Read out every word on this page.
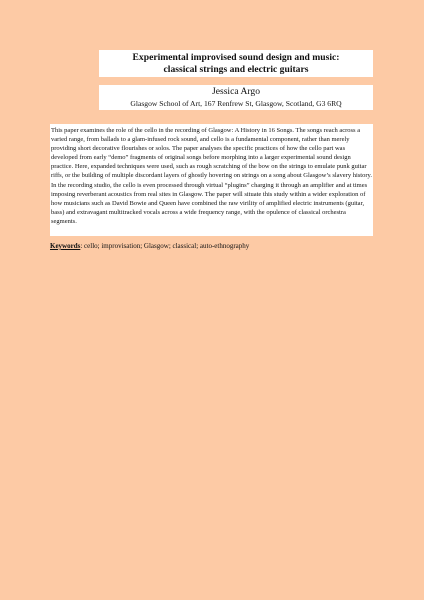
Experimental improvised sound design and music:
classical strings and electric guitars
Jessica Argo
Glasgow School of Art, 167 Renfrew St, Glasgow, Scotland, G3 6RQ
This paper examines the role of the cello in the recording of Glasgow: A History in 16 Songs. The songs reach across a varied range, from ballads to a glam-infused rock sound, and cello is a fundamental component, rather than merely providing short decorative flourishes or solos. The paper analyses the specific practices of how the cello part was developed from early “demo” fragments of original songs before morphing into a larger experimental sound design practice. Here, expanded techniques were used, such as rough scratching of the bow on the strings to emulate punk guitar riffs, or the building of multiple discordant layers of ghostly hovering on strings on a song about Glasgow’s slavery history. In the recording studio, the cello is even processed through virtual “plugins” charging it through an amplifier and at times imposing reverberant acoustics from real sites in Glasgow. The paper will situate this study within a wider exploration of how musicians such as David Bowie and Queen have combined the raw virility of amplified electric instruments (guitar, bass) and extravagant multitracked vocals across a wide frequency range, with the opulence of classical orchestra segments.
Keywords: cello; improvisation; Glasgow; classical; auto-ethnography
